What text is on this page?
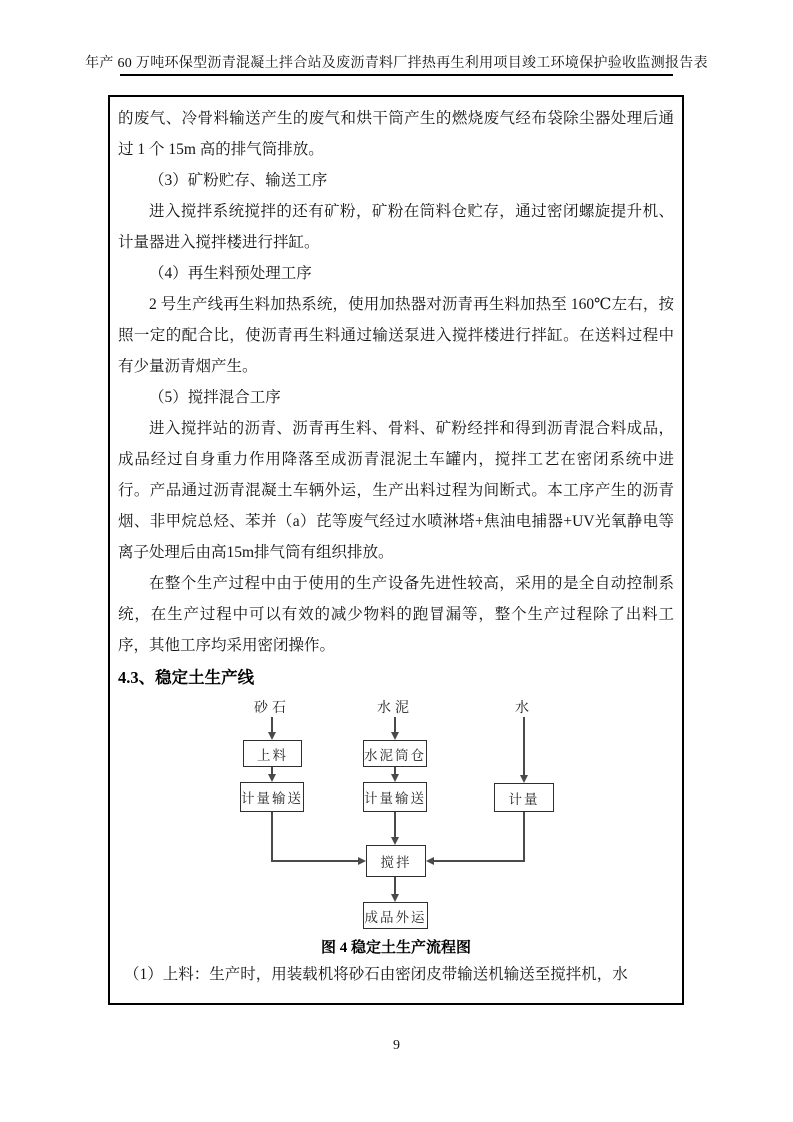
年产 60 万吨环保型沥青混凝土拌合站及废沥青料厂拌热再生利用项目竣工环境保护验收监测报告表

的废气、冷骨料输送产生的废气和烘干筒产生的燃烧废气经布袋除尘器处理后通过 1 个 15m 高的排气筒排放。

（3）矿粉贮存、输送工序

进入搅拌系统搅拌的还有矿粉，矿粉在筒料仓贮存，通过密闭螺旋提升机、计量器进入搅拌楼进行拌缸。

（4）再生料预处理工序

2 号生产线再生料加热系统，使用加热器对沥青再生料加热至 160℃左右，按照一定的配合比，使沥青再生料通过输送泵进入搅拌楼进行拌缸。在送料过程中有少量沥青烟产生。

（5）搅拌混合工序

进入搅拌站的沥青、沥青再生料、骨料、矿粉经拌和得到沥青混合料成品，成品经过自身重力作用降落至成沥青混泥土车罐内，搅拌工艺在密闭系统中进行。产品通过沥青混凝土车辆外运，生产出料过程为间断式。本工序产生的沥青烟、非甲烷总烃、苯并（a）芘等废气经过水喷淋塔+焦油电捕器+UV光氧静电等离子处理后由高15m排气筒有组织排放。

在整个生产过程中由于使用的生产设备先进性较高，采用的是全自动控制系统，在生产过程中可以有效的减少物料的跑冒漏等，整个生产过程除了出料工序，其他工序均采用密闭操作。

4.3、稳定土生产线
砂石	水泥	水
上料
计量输送
水泥筒仓
计量输送	计量
搅拌
成品外运
图 4 稳定土生产流程图

（1）上料：生产时，用装载机将砂石由密闭皮带输送机输送至搅拌机，水

9
